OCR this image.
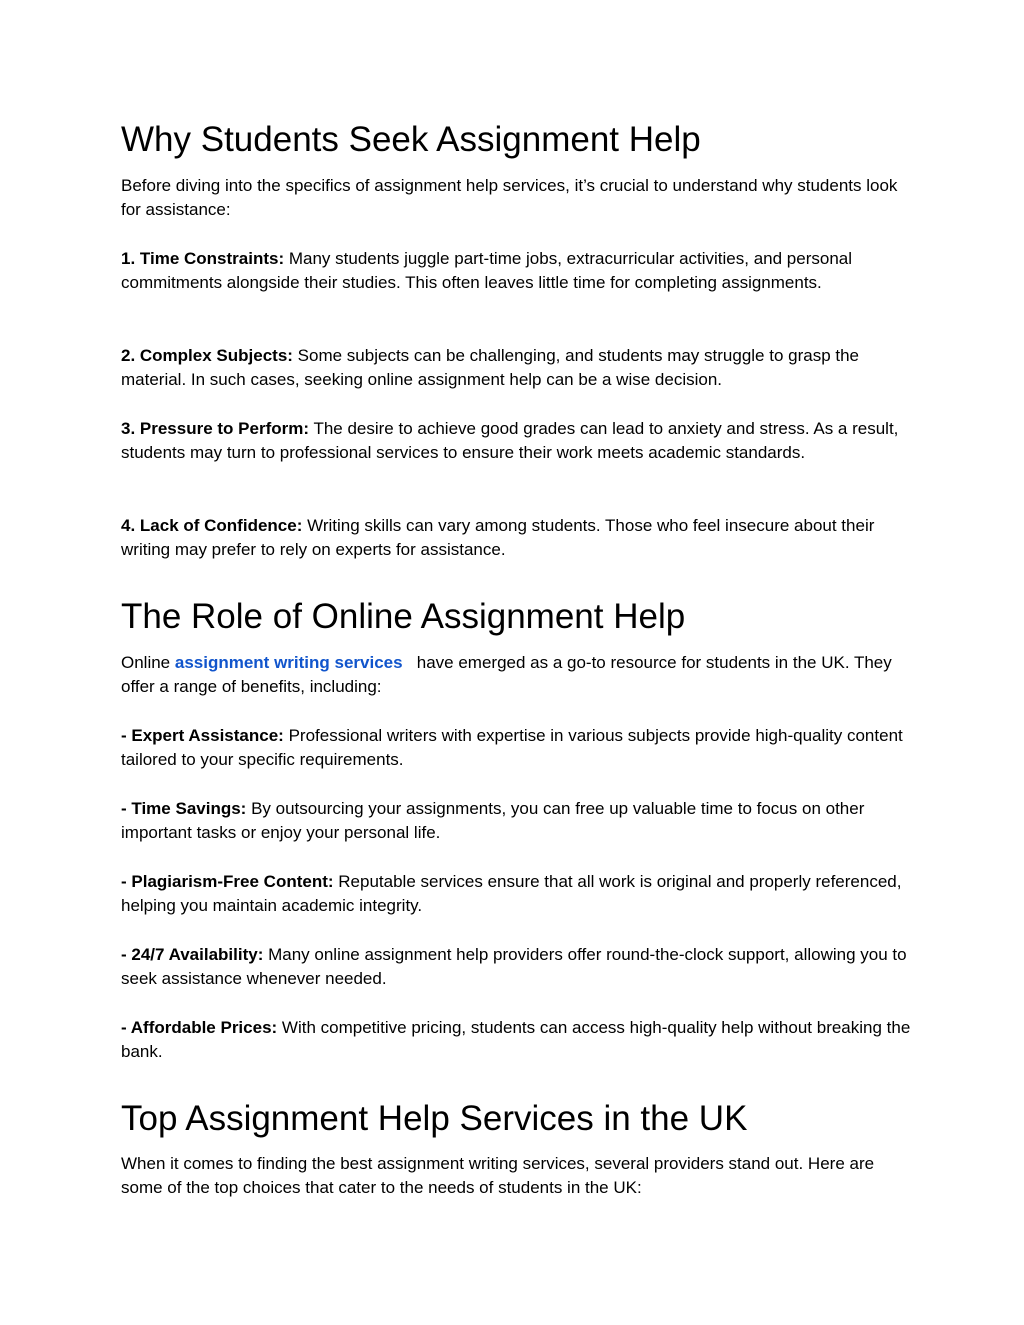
Why Students Seek Assignment Help

Before diving into the specifics of assignment help services, it’s crucial to understand why students look for assistance:

1. Time Constraints: Many students juggle part-time jobs, extracurricular activities, and personal commitments alongside their studies. This often leaves little time for completing assignments.

2. Complex Subjects: Some subjects can be challenging, and students may struggle to grasp the material. In such cases, seeking online assignment help can be a wise decision.

3. Pressure to Perform: The desire to achieve good grades can lead to anxiety and stress. As a result, students may turn to professional services to ensure their work meets academic standards.

4. Lack of Confidence: Writing skills can vary among students. Those who feel insecure about their writing may prefer to rely on experts for assistance.

The Role of Online Assignment Help

Online assignment writing services   have emerged as a go-to resource for students in the UK. They offer a range of benefits, including:

- Expert Assistance: Professional writers with expertise in various subjects provide high-quality content tailored to your specific requirements.

- Time Savings: By outsourcing your assignments, you can free up valuable time to focus on other important tasks or enjoy your personal life.

- Plagiarism-Free Content: Reputable services ensure that all work is original and properly referenced, helping you maintain academic integrity.

- 24/7 Availability: Many online assignment help providers offer round-the-clock support, allowing you to seek assistance whenever needed.

- Affordable Prices: With competitive pricing, students can access high-quality help without breaking the bank.

Top Assignment Help Services in the UK

When it comes to finding the best assignment writing services, several providers stand out. Here are some of the top choices that cater to the needs of students in the UK:
